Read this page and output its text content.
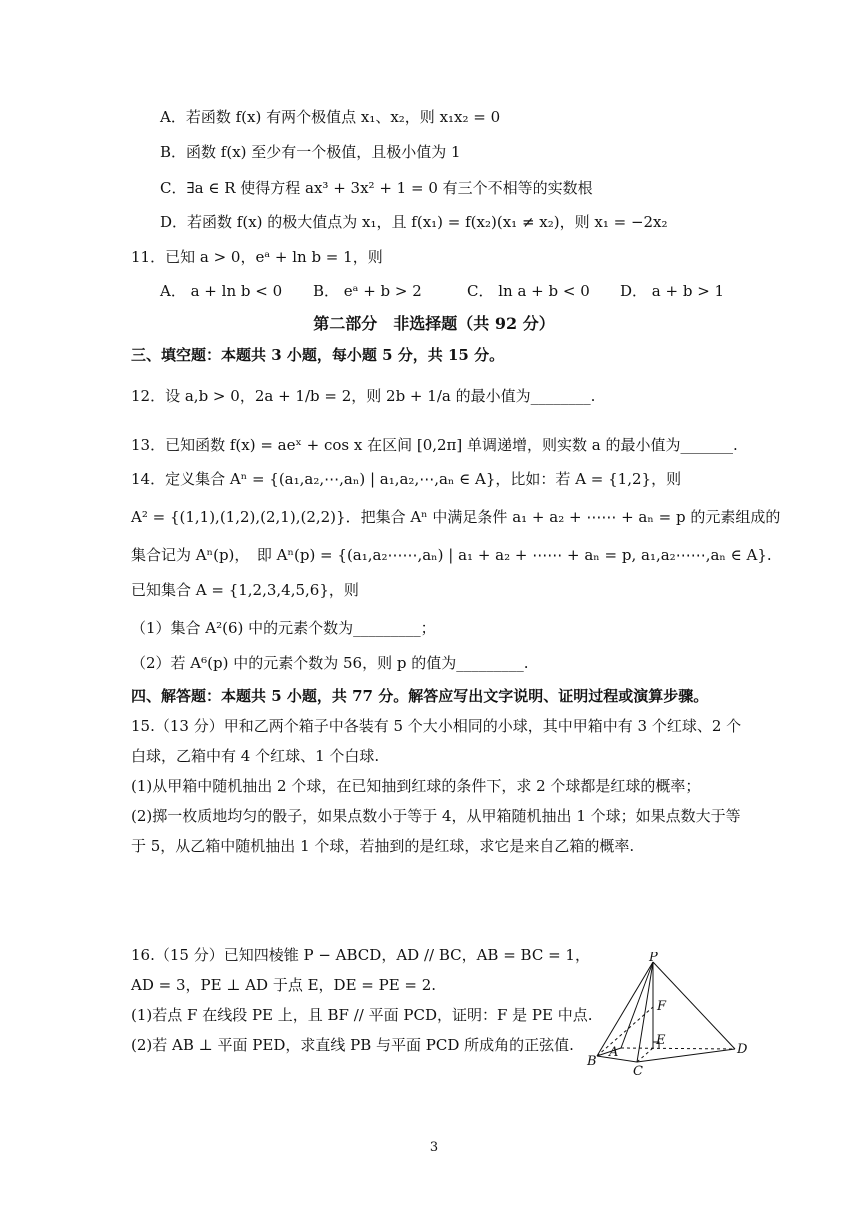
A．若函数 f(x) 有两个极值点 x₁、x₂，则 x₁x₂ = 0
B．函数 f(x) 至少有一个极值，且极小值为 1
C．∃a ∈ R 使得方程 ax³ + 3x² + 1 = 0 有三个不相等的实数根
D．若函数 f(x) 的极大值点为 x₁，且 f(x₁) = f(x₂)(x₁ ≠ x₂)，则 x₁ = −2x₂
11．已知 a > 0，eᵃ + ln b = 1，则
A． a + ln b < 0 B． eᵃ + b > 2	C． ln a + b < 0 D． a + b > 1
第二部分　非选择题（共 92 分）
三、填空题：本题共 3 小题，每小题 5 分，共 15 分。
12．设 a,b > 0，2a + 1/b = 2，则 2b + 1/a 的最小值为________.
13．已知函数 f(x) = aeˣ + cos x 在区间 [0,2π] 单调递增，则实数 a 的最小值为_______.
14．定义集合 Aⁿ = {(a₁,a₂,⋯,aₙ) | a₁,a₂,⋯,aₙ ∈ A}，比如：若 A = {1,2}，则
A² = {(1,1),(1,2),(2,1),(2,2)}．把集合 Aⁿ 中满足条件 a₁ + a₂ + ⋯⋯ + aₙ = p 的元素组成的
集合记为 Aⁿ(p)，　即 Aⁿ(p) = {(a₁,a₂⋯⋯,aₙ) | a₁ + a₂ + ⋯⋯ + aₙ = p, a₁,a₂⋯⋯,aₙ ∈ A}.
已知集合 A = {1,2,3,4,5,6}，则
（1）集合 A²(6) 中的元素个数为_________；
（2）若 A⁶(p) 中的元素个数为 56，则 p 的值为_________.
四、解答题：本题共 5 小题，共 77 分。解答应写出文字说明、证明过程或演算步骤。
15.（13 分）甲和乙两个箱子中各装有 5 个大小相同的小球，其中甲箱中有 3 个红球、2 个
白球，乙箱中有 4 个红球、1 个白球.
(1)从甲箱中随机抽出 2 个球，在已知抽到红球的条件下，求 2 个球都是红球的概率；
(2)掷一枚质地均匀的骰子，如果点数小于等于 4，从甲箱随机抽出 1 个球；如果点数大于等
于 5，从乙箱中随机抽出 1 个球，若抽到的是红球，求它是来自乙箱的概率.
16.（15 分）已知四棱锥 P − ABCD，AD // BC，AB = BC = 1，
AD = 3，PE ⊥ AD 于点 E，DE = PE = 2.
(1)若点 F 在线段 PE 上，且 BF // 平面 PCD，证明：F 是 PE 中点.
(2)若 AB ⊥ 平面 PED，求直线 PB 与平面 PCD 所成角的正弦值.
P
F
E
A
B
C
D
3
